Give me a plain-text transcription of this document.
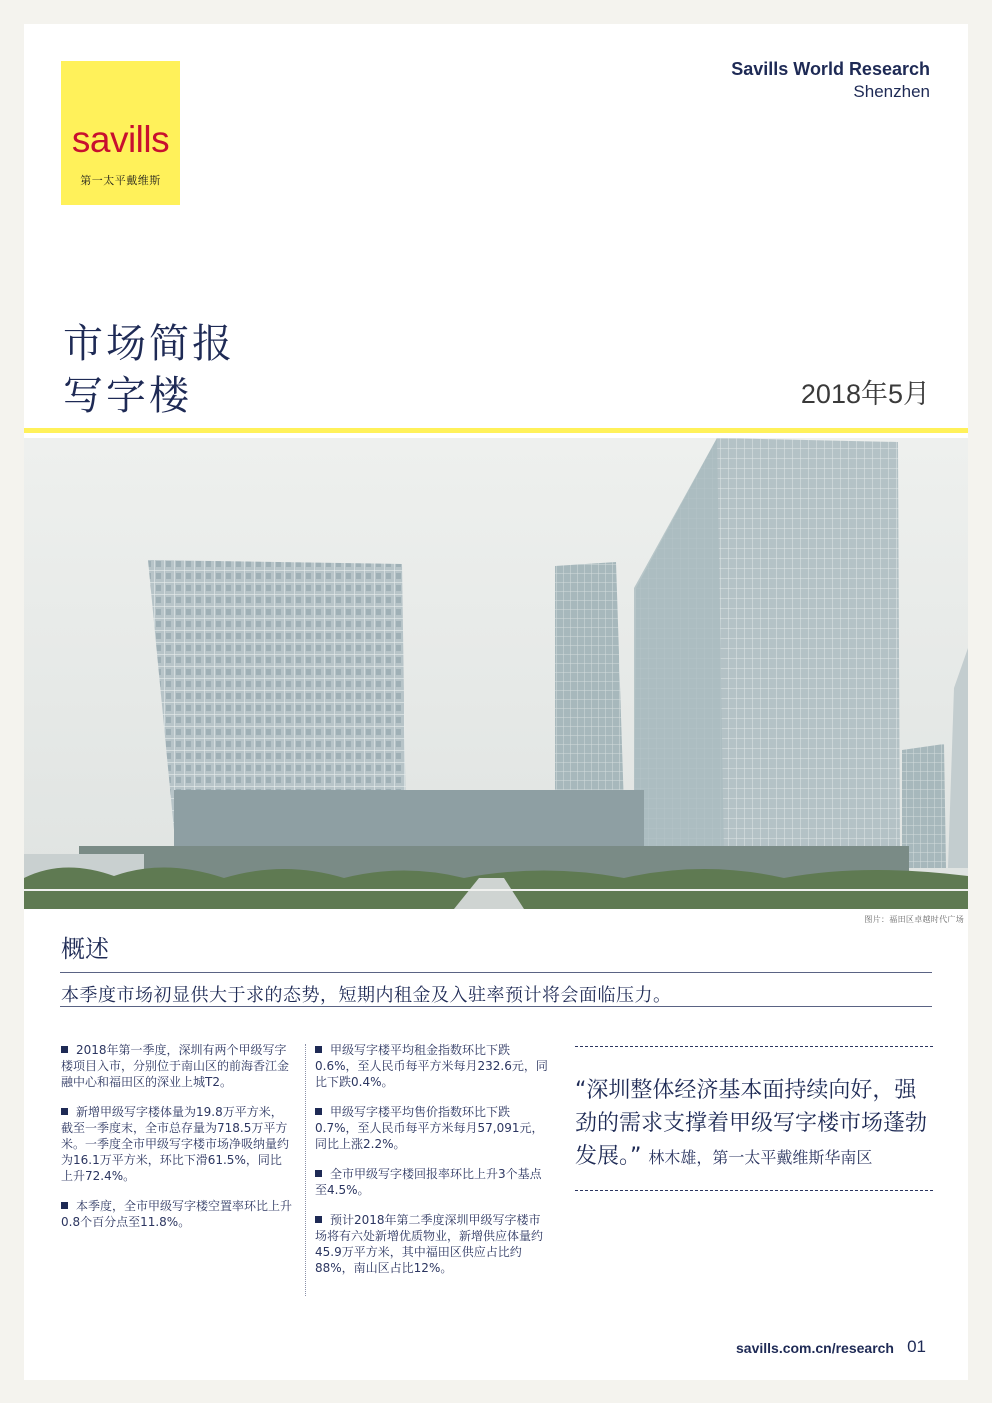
savills
第一太平戴维斯
Savills World Research
Shenzhen
市场简报
写字楼	2018年5月
图片：福田区卓越时代广场
概述
本季度市场初显供大于求的态势，短期内租金及入驻率预计将会面临压力。
2018年第一季度，深圳有两个甲级写字楼项目入市，分别位于南山区的前海香江金融中心和福田区的深业上城T2。
新增甲级写字楼体量为19.8万平方米，截至一季度末，全市总存量为718.5万平方米。一季度全市甲级写字楼市场净吸纳量约为16.1万平方米，环比下滑61.5%，同比上升72.4%。
本季度，全市甲级写字楼空置率环比上升0.8个百分点至11.8%。
甲级写字楼平均租金指数环比下跌0.6%，至人民币每平方米每月232.6元，同比下跌0.4%。
甲级写字楼平均售价指数环比下跌0.7%，至人民币每平方米每月57,091元，同比上涨2.2%。
全市甲级写字楼回报率环比上升3个基点至4.5%。
预计2018年第二季度深圳甲级写字楼市场将有六处新增优质物业，新增供应体量约45.9万平方米，其中福田区供应占比约88%，南山区占比12%。
“深圳整体经济基本面持续向好，强劲的需求支撑着甲级写字楼市场蓬勃发展。” 林木雄，第一太平戴维斯华南区
savills.com.cn/research 01
